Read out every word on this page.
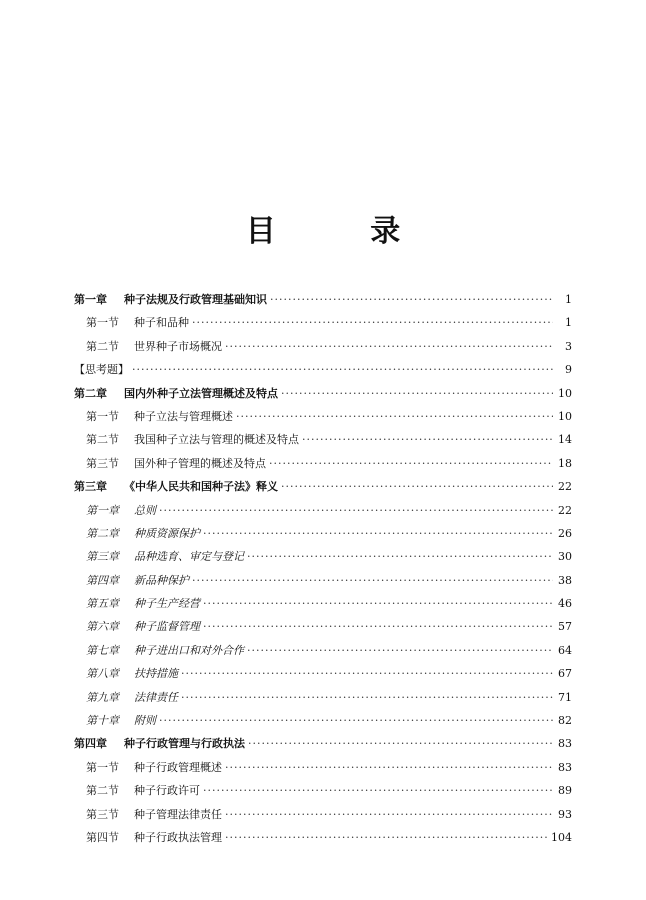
目 录
第一章	种子法规及行政管理基础知识 ·····	1
第一节	种子和品种 ·····	1
第二节	世界种子市场概况 ·····	3
【思考题】 ·····	9
第二章	国内外种子立法管理概述及特点 ·····	10
第一节	种子立法与管理概述 ·····	10
第二节	我国种子立法与管理的概述及特点 ·····	14
第三节	国外种子管理的概述及特点 ·····	18
第三章	《中华人民共和国种子法》释义 ·····	22
第一章	总则 ·····	22
第二章	种质资源保护 ·····	26
第三章	品种选育、审定与登记 ·····	30
第四章	新品种保护 ·····	38
第五章	种子生产经营 ·····	46
第六章	种子监督管理 ·····	57
第七章	种子进出口和对外合作 ·····	64
第八章	扶持措施 ·····	67
第九章	法律责任 ·····	71
第十章	附则 ·····	82
第四章	种子行政管理与行政执法 ·····	83
第一节	种子行政管理概述 ·····	83
第二节	种子行政许可 ·····	89
第三节	种子管理法律责任 ·····	93
第四节	种子行政执法管理 ·····	104
